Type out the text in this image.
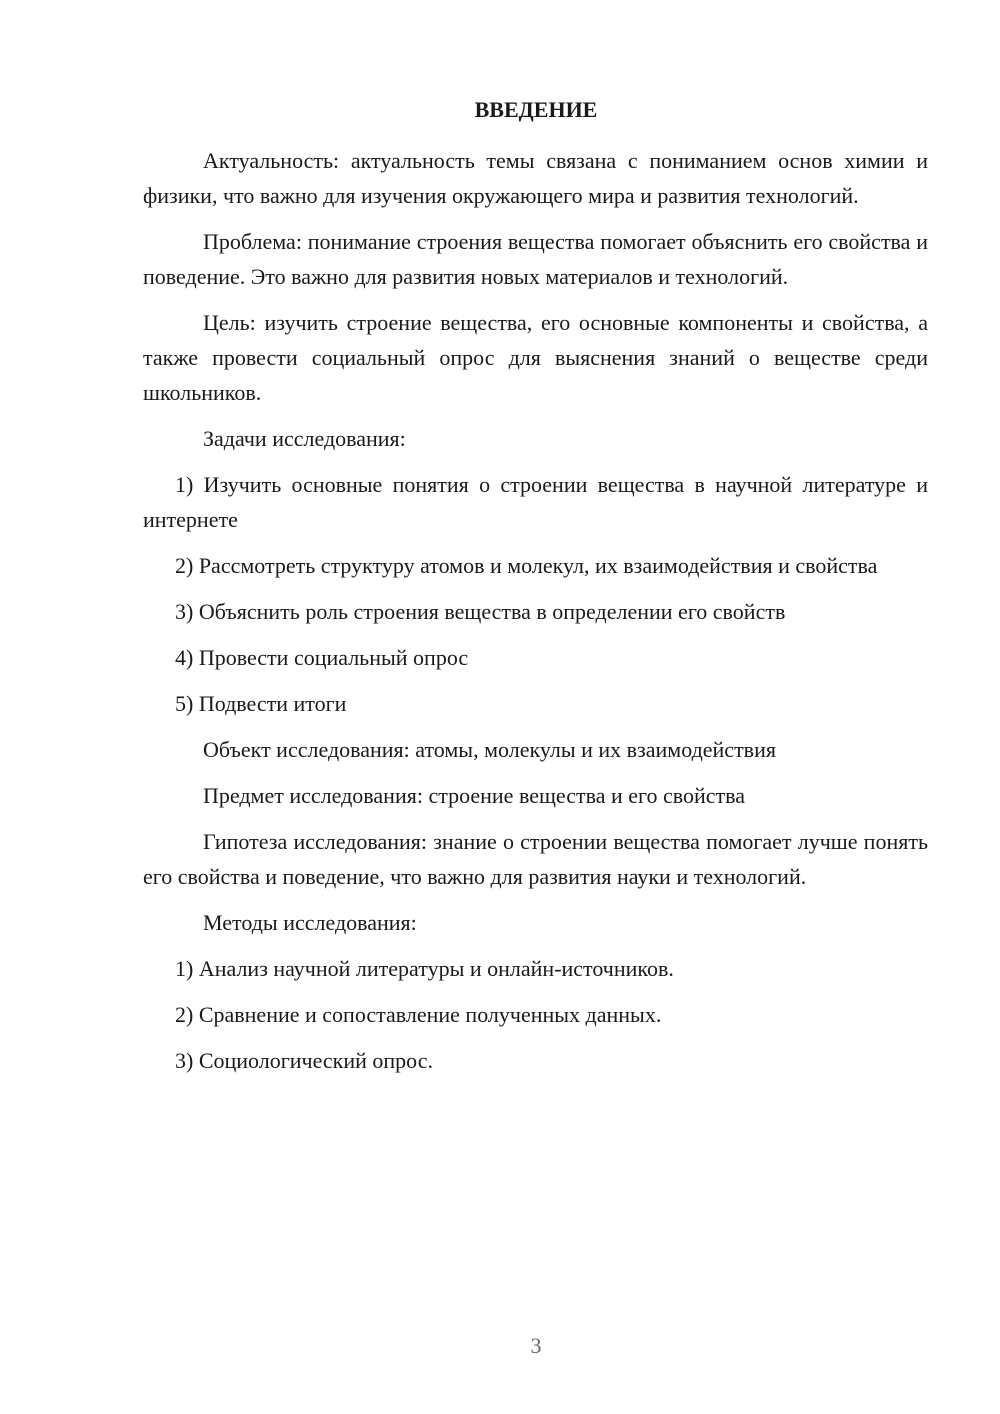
ВВЕДЕНИЕ

Актуальность: актуальность темы связана с пониманием основ химии и физики, что важно для изучения окружающего мира и развития технологий.

Проблема: понимание строения вещества помогает объяснить его свойства и поведение. Это важно для развития новых материалов и технологий.

Цель: изучить строение вещества, его основные компоненты и свойства, а также провести социальный опрос для выяснения знаний о веществе среди школьников.

Задачи исследования:

1) Изучить основные понятия о строении вещества в научной литературе и интернете

2) Рассмотреть структуру атомов и молекул, их взаимодействия и свойства

3) Объяснить роль строения вещества в определении его свойств

4) Провести социальный опрос

5) Подвести итоги

Объект исследования: атомы, молекулы и их взаимодействия

Предмет исследования: строение вещества и его свойства

Гипотеза исследования: знание о строении вещества помогает лучше понять его свойства и поведение, что важно для развития науки и технологий.

Методы исследования:

1) Анализ научной литературы и онлайн-источников.

2) Сравнение и сопоставление полученных данных.

3) Социологический опрос.

3
